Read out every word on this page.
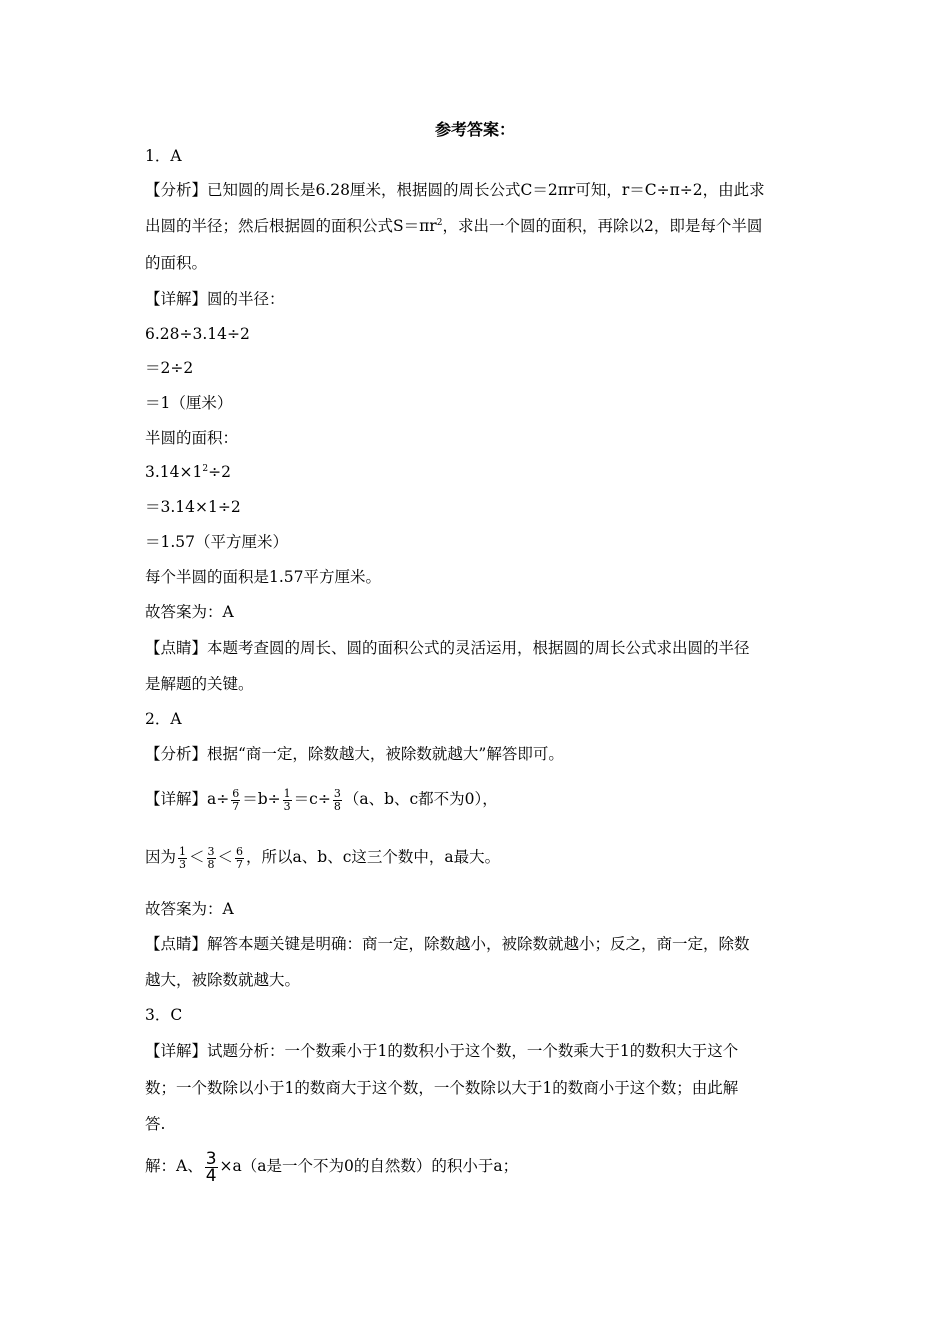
参考答案：
1．A
【分析】已知圆的周长是6.28厘米，根据圆的周长公式C＝2πr可知，r＝C÷π÷2，由此求
出圆的半径；然后根据圆的面积公式$S=\pi r^2$，求出一个圆的面积，再除以2，即是每个半圆
的面积。
【详解】圆的半径：
6.28÷3.14÷2
＝2÷2
＝1（厘米）
半圆的面积：
$3.14\times 1^2\div 2$
＝3.14×1÷2
＝1.57（平方厘米）
每个半圆的面积是1.57平方厘米。
故答案为：A
【点睛】本题考查圆的周长、圆的面积公式的灵活运用，根据圆的周长公式求出圆的半径
是解题的关键。
2．A
【分析】根据“商一定，除数越大，被除数就越大”解答即可。
【详解】$a\div \frac{6}{7} =b\div \frac{1}{3} =c\div \frac{3}{8} (a$、b、c都不为0），
因为 $\frac{1}{3} < \frac{3}{8} < \frac{6}{7}$ ，所以a、b、c这三个数中，a最大。
故答案为：A
【点睛】解答本题关键是明确：商一定，除数越小，被除数就越小；反之，商一定，除数
越大，被除数就越大。
3．C
【详解】试题分析：一个数乘小于1的数积小于这个数，一个数乘大于1的数积大于这个
数；一个数除以小于1的数商大于这个数，一个数除以大于1的数商小于这个数；由此解
答.
解：A、 $\frac{3}{4} \times a(a$是一个不为0的自然数）的积小于a；
